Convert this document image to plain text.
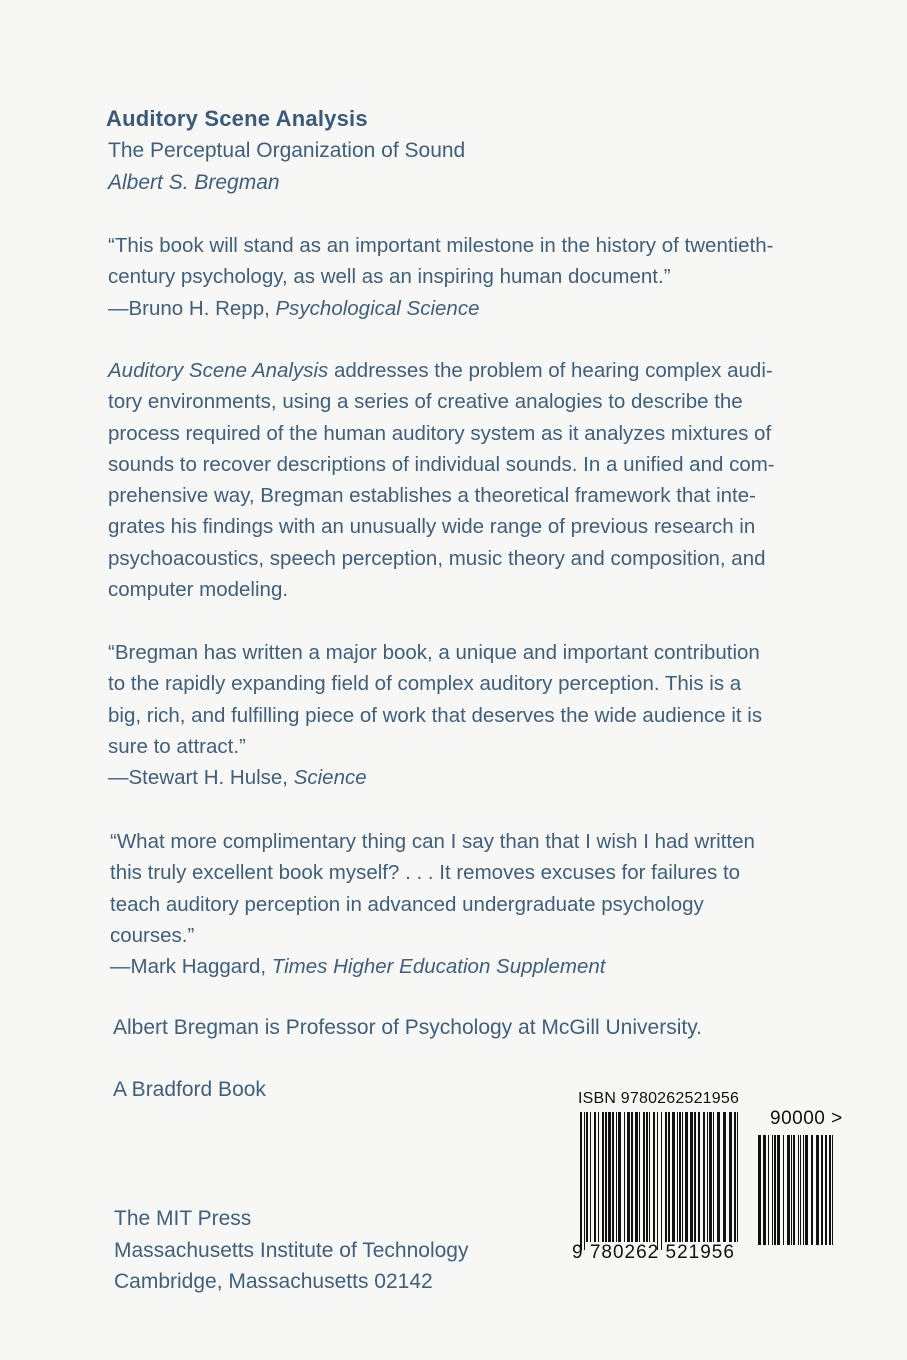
Auditory Scene Analysis
The Perceptual Organization of Sound
Albert S. Bregman
“This book will stand as an important milestone in the history of twentieth-
century psychology, as well as an inspiring human document.”
—Bruno H. Repp, Psychological Science
Auditory Scene Analysis addresses the problem of hearing complex audi-
tory environments, using a series of creative analogies to describe the
process required of the human auditory system as it analyzes mixtures of
sounds to recover descriptions of individual sounds. In a unified and com-
prehensive way, Bregman establishes a theoretical framework that inte-
grates his findings with an unusually wide range of previous research in
psychoacoustics, speech perception, music theory and composition, and
computer modeling.
“Bregman has written a major book, a unique and important contribution
to the rapidly expanding field of complex auditory perception. This is a
big, rich, and fulfilling piece of work that deserves the wide audience it is
sure to attract.”
—Stewart H. Hulse, Science
“What more complimentary thing can I say than that I wish I had written
this truly excellent book myself? . . . It removes excuses for failures to
teach auditory perception in advanced undergraduate psychology
courses.”
—Mark Haggard, Times Higher Education Supplement
Albert Bregman is Professor of Psychology at McGill University.
A Bradford Book
The MIT Press
Massachusetts Institute of Technology
Cambridge, Massachusetts 02142
ISBN 9780262521956
90000 >
9 780262 521956
